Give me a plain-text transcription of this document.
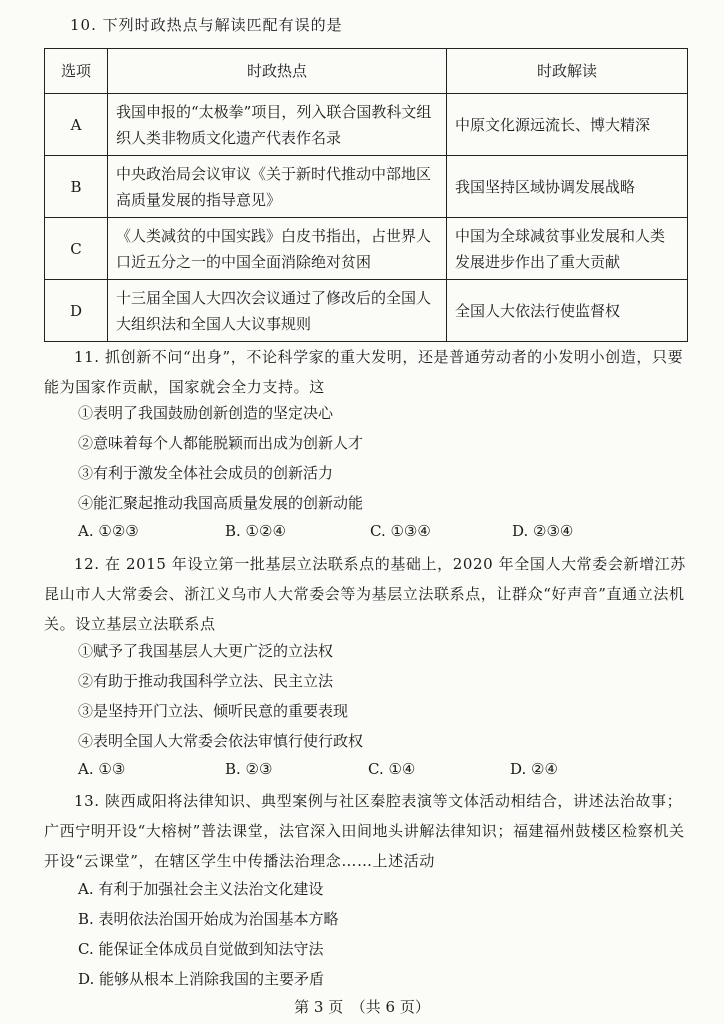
10. 下列时政热点与解读匹配有误的是
选项	时政热点	时政解读
A	我国申报的“太极拳”项目，列入联合国教科文组织人类非物质文化遗产代表作名录	中原文化源远流长、博大精深
B	中央政治局会议审议《关于新时代推动中部地区高质量发展的指导意见》	我国坚持区域协调发展战略
C	《人类减贫的中国实践》白皮书指出，占世界人口近五分之一的中国全面消除绝对贫困	中国为全球减贫事业发展和人类发展进步作出了重大贡献
D	十三届全国人大四次会议通过了修改后的全国人大组织法和全国人大议事规则	全国人大依法行使监督权
11. 抓创新不问“出身”，不论科学家的重大发明，还是普通劳动者的小发明小创造，只要能为国家作贡献，国家就会全力支持。这
①表明了我国鼓励创新创造的坚定决心
②意味着每个人都能脱颖而出成为创新人才
③有利于激发全体社会成员的创新活力
④能汇聚起推动我国高质量发展的创新动能
A. ①②③	B. ①②④	C. ①③④	D. ②③④
12. 在 2015 年设立第一批基层立法联系点的基础上，2020 年全国人大常委会新增江苏昆山市人大常委会、浙江义乌市人大常委会等为基层立法联系点，让群众“好声音”直通立法机关。设立基层立法联系点
①赋予了我国基层人大更广泛的立法权
②有助于推动我国科学立法、民主立法
③是坚持开门立法、倾听民意的重要表现
④表明全国人大常委会依法审慎行使行政权
A. ①③	B. ②③	C. ①④	D. ②④
13. 陕西咸阳将法律知识、典型案例与社区秦腔表演等文体活动相结合，讲述法治故事；广西宁明开设“大榕树”普法课堂，法官深入田间地头讲解法律知识；福建福州鼓楼区检察机关开设“云课堂”，在辖区学生中传播法治理念……上述活动
A. 有利于加强社会主义法治文化建设
B. 表明依法治国开始成为治国基本方略
C. 能保证全体成员自觉做到知法守法
D. 能够从根本上消除我国的主要矛盾
第 3 页　（共 6 页）
